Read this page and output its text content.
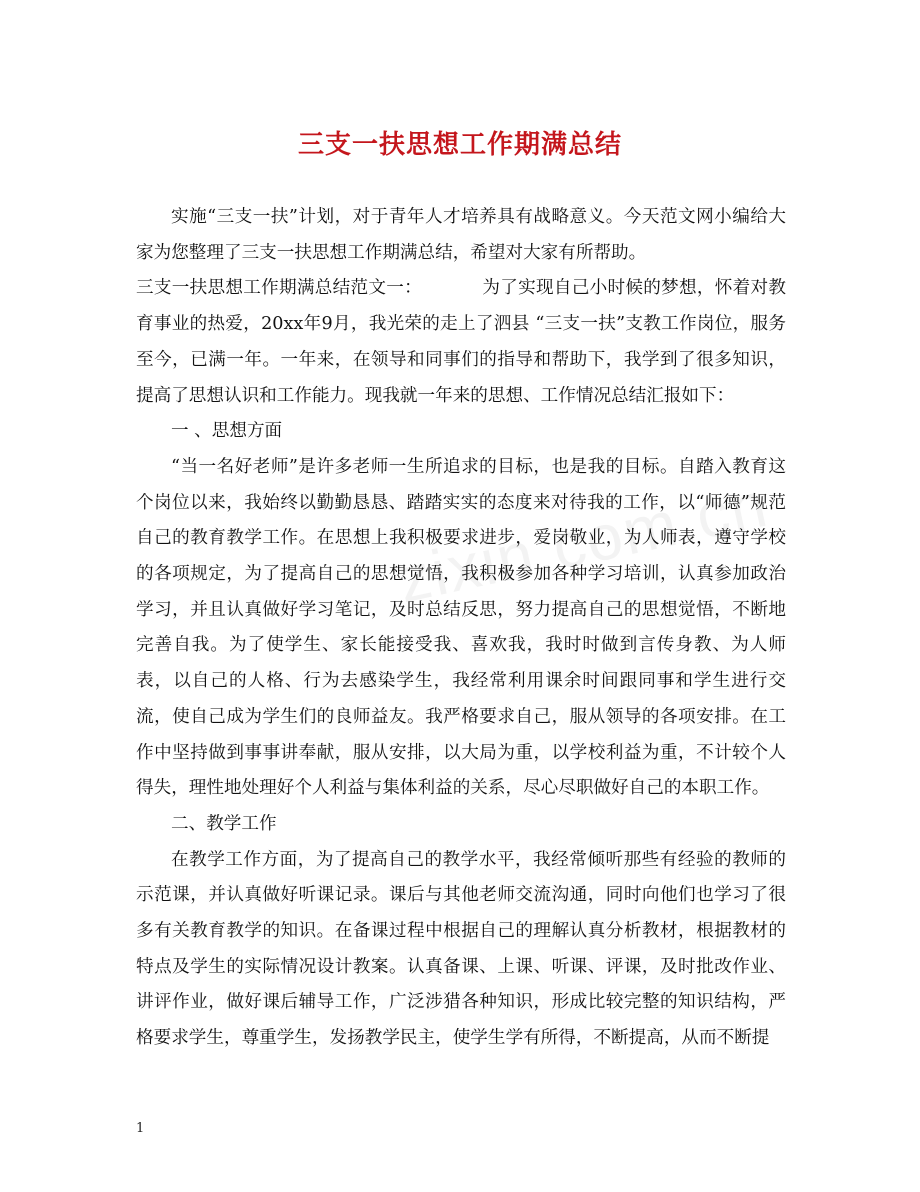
三支一扶思想工作期满总结

实施“三支一扶”计划，对于青年人才培养具有战略意义。今天范文网小编给大家为您整理了三支一扶思想工作期满总结，希望对大家有所帮助。

三支一扶思想工作期满总结范文一：	为了实现自己小时候的梦想，怀着对教育事业的热爱，20xx年9月，我光荣的走上了泗县 “三支一扶”支教工作岗位，服务至今，已满一年。一年来，在领导和同事们的指导和帮助下，我学到了很多知识，提高了思想认识和工作能力。现我就一年来的思想、工作情况总结汇报如下：

一 、思想方面

“当一名好老师”是许多老师一生所追求的目标，也是我的目标。自踏入教育这个岗位以来，我始终以勤勤恳恳、踏踏实实的态度来对待我的工作，以“师德”规范自己的教育教学工作。在思想上我积极要求进步，爱岗敬业，为人师表，遵守学校的各项规定，为了提高自己的思想觉悟，我积极参加各种学习培训，认真参加政治学习，并且认真做好学习笔记，及时总结反思，努力提高自己的思想觉悟，不断地完善自我。为了使学生、家长能接受我、喜欢我，我时时做到言传身教、为人师表，以自己的人格、行为去感染学生，我经常利用课余时间跟同事和学生进行交流，使自己成为学生们的良师益友。我严格要求自己，服从领导的各项安排。在工作中坚持做到事事讲奉献，服从安排，以大局为重，以学校利益为重，不计较个人得失，理性地处理好个人利益与集体利益的关系，尽心尽职做好自己的本职工作。

二、教学工作

在教学工作方面，为了提高自己的教学水平，我经常倾听那些有经验的教师的示范课，并认真做好听课记录。课后与其他老师交流沟通，同时向他们也学习了很多有关教育教学的知识。在备课过程中根据自己的理解认真分析教材，根据教材的特点及学生的实际情况设计教案。认真备课、上课、听课、评课，及时批改作业、讲评作业，做好课后辅导工作，广泛涉猎各种知识，形成比较完整的知识结构，严格要求学生，尊重学生，发扬教学民主，使学生学有所得，不断提高，从而不断提

1
